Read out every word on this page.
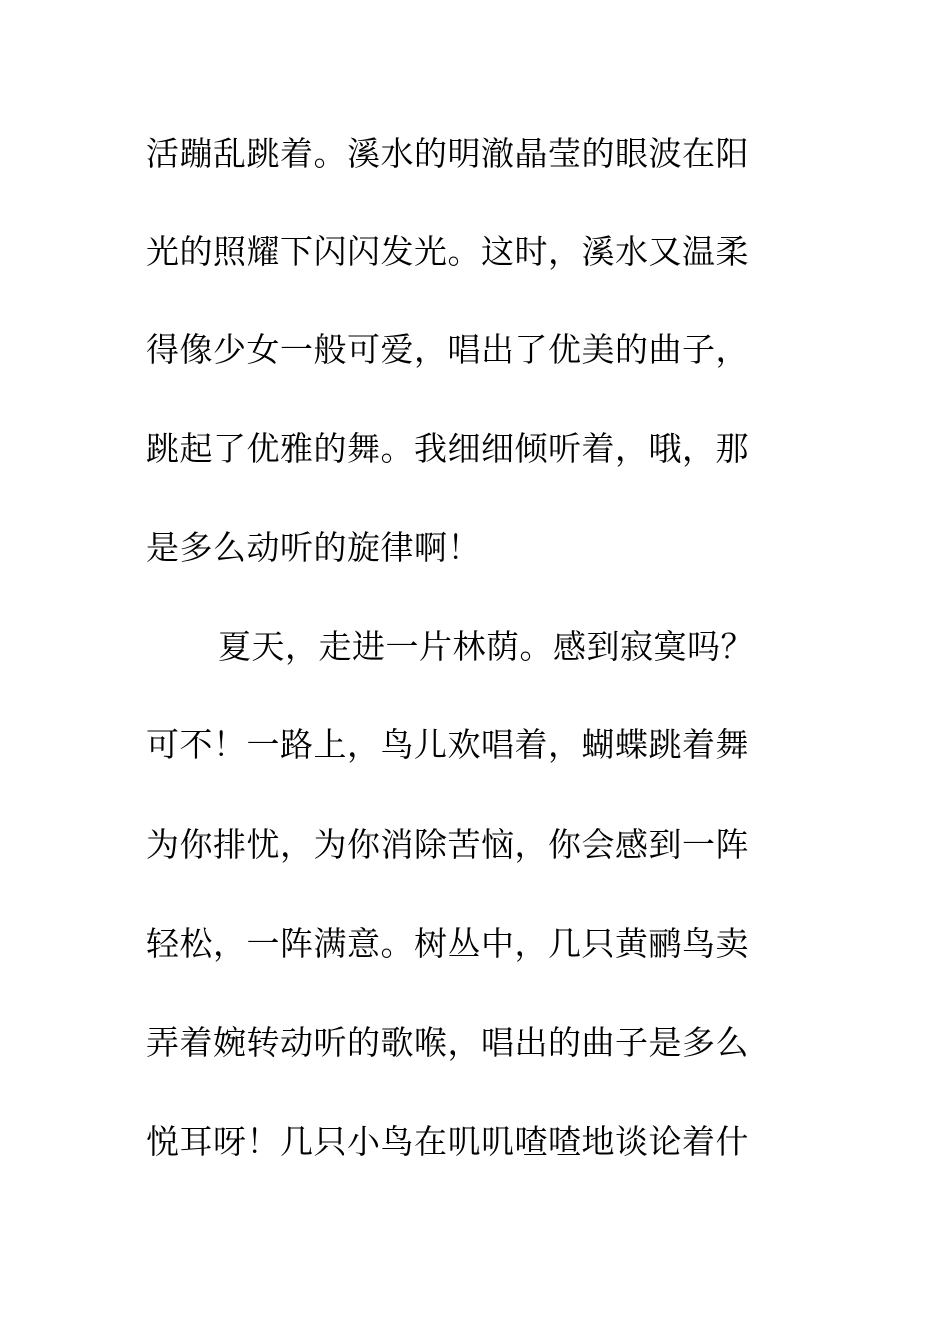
活蹦乱跳着。溪水的明澈晶莹的眼波在阳
光的照耀下闪闪发光。这时，溪水又温柔
得像少女一般可爱，唱出了优美的曲子，
跳起了优雅的舞。我细细倾听着，哦，那
是多么动听的旋律啊！
夏天，走进一片林荫。感到寂寞吗？
可不！一路上，鸟儿欢唱着，蝴蝶跳着舞
为你排忧，为你消除苦恼，你会感到一阵
轻松，一阵满意。树丛中，几只黄鹂鸟卖
弄着婉转动听的歌喉，唱出的曲子是多么
悦耳呀！几只小鸟在叽叽喳喳地谈论着什
